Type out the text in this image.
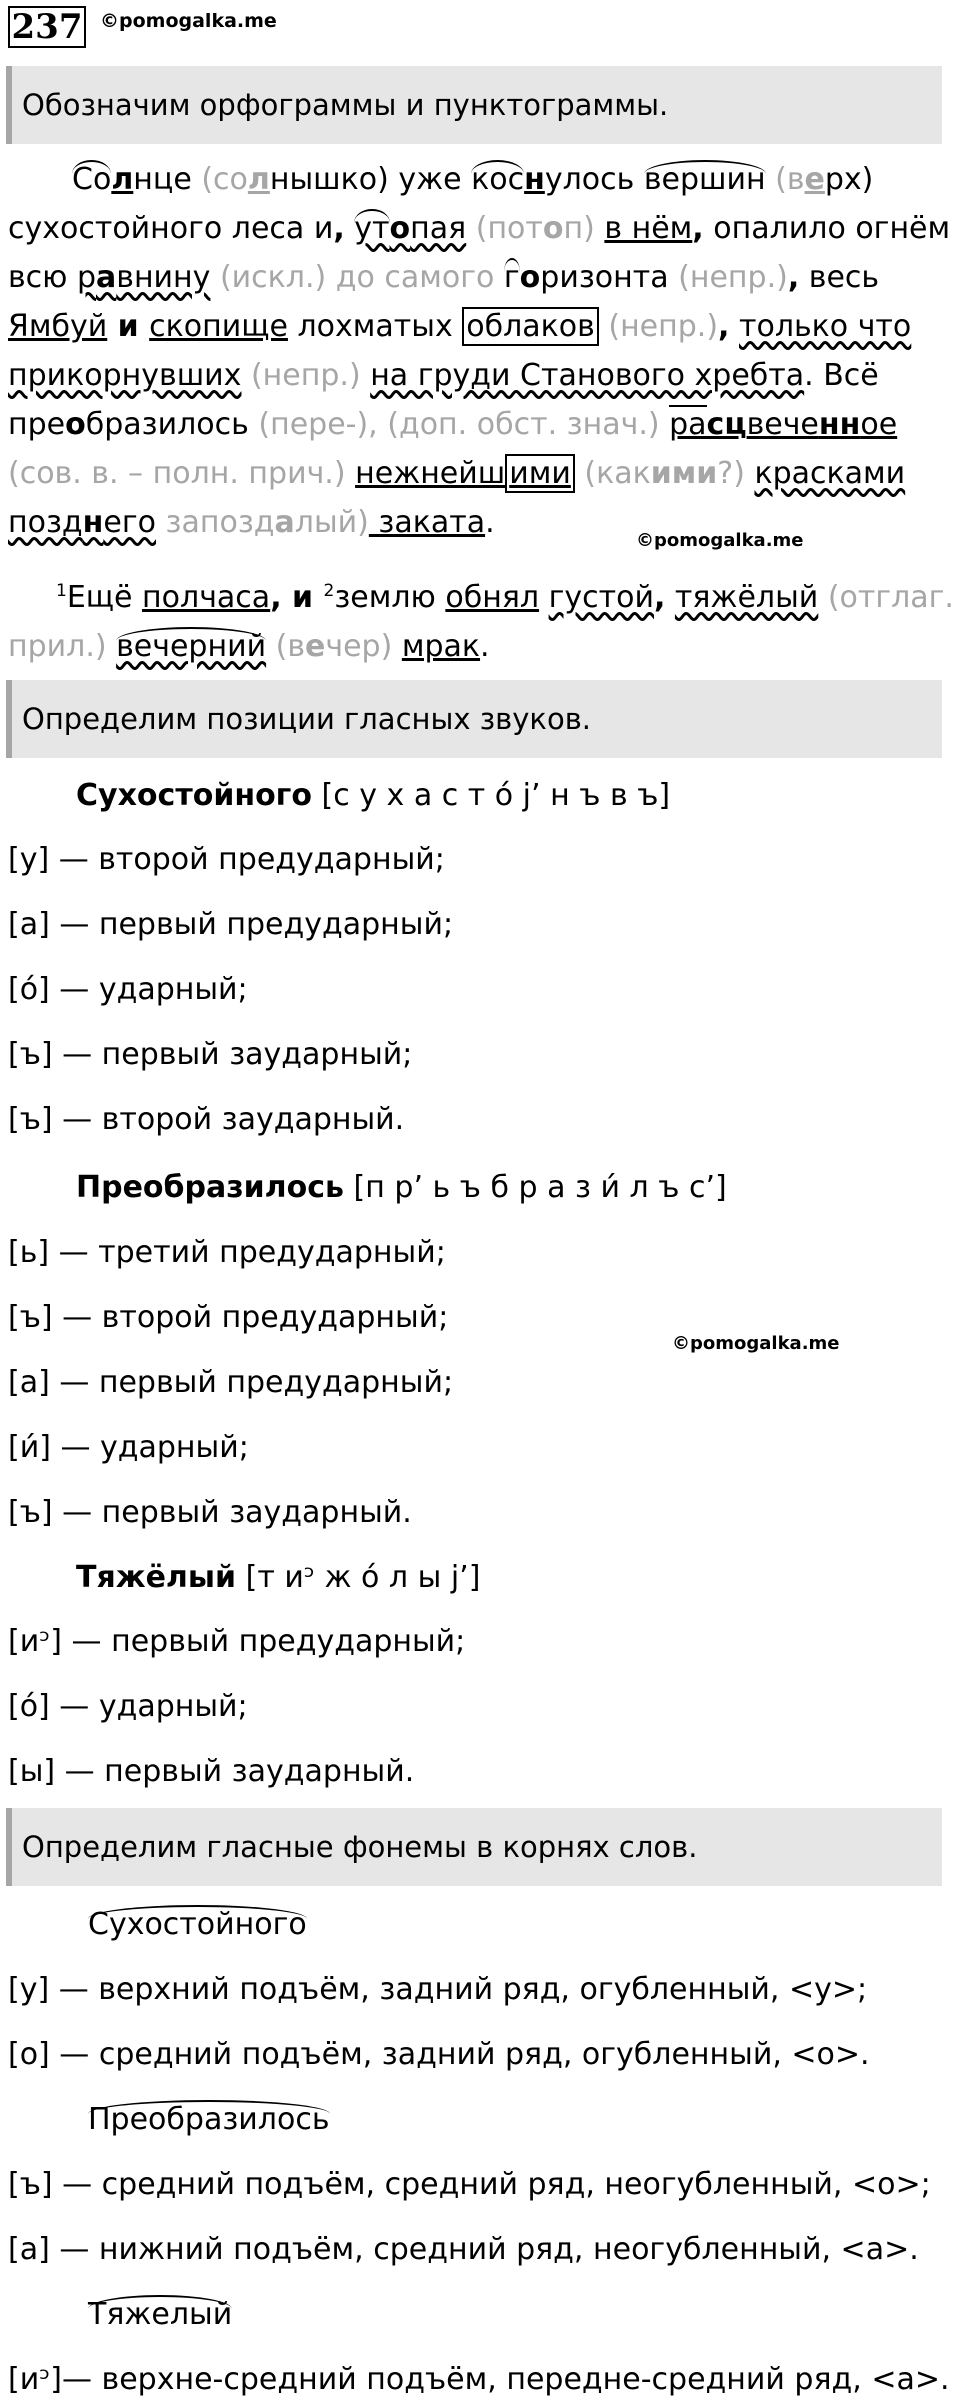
237 ©pomogalka.me
Обозначим орфограммы и пунктограммы.
Солнце (солнышко) уже коснулось вершин (верх) сухостойного леса и, утопая (потоп) в нём, опалило огнём всю равнину (искл.) до самого горизонта (непр.), весь Ямбуй и скопище лохматых облаков (непр.), только что прикорнувших (непр.) на груди Станового хребта. Всё преобразилось (пере-), (доп. обст. знач.) расцвеченное (сов. в. – полн. прич.) нежнейш ими (какими?) красками позднего запоздалый) заката.
©pomogalka.me
$^1$Ещё полчаса, и $^2$землю обнял густой, тяжёлый (отглаг. прил.) вечерний (вечер) мрак.
Определим позиции гласных звуков.
Сухостойного [с у х а с т ó j’ н ъ в ъ]
[у] — второй предударный;
[а] — первый предударный;
[ó] — ударный;
[ъ] — первый заударный;
[ъ] — второй заударный.
Преобразилось [п р’ ь ъ б р а з и́ л ъ с’]
[ь] — третий предударный;
[ъ] — второй предударный;
©pomogalka.me
[а] — первый предударный;
[и́] — ударный;
[ъ] — первый заударный.
Тяжёлый [т иᵓ ж ó л ы j’]
[иᵓ] — первый предударный;
[ó] — ударный;
[ы] — первый заударный.
Определим гласные фонемы в корнях слов.
Сухостойного
[у] — верхний подъём, задний ряд, огубленный, <у>;
[о] — средний подъём, задний ряд, огубленный, <о>.
Преобразилось
[ъ] — средний подъём, средний ряд, неогубленный, <о>;
[а] — нижний подъём, средний ряд, неогубленный, <а>.
Тяжелый
[иᵓ]— верхне-средний подъём, передне-средний ряд, <а>.
